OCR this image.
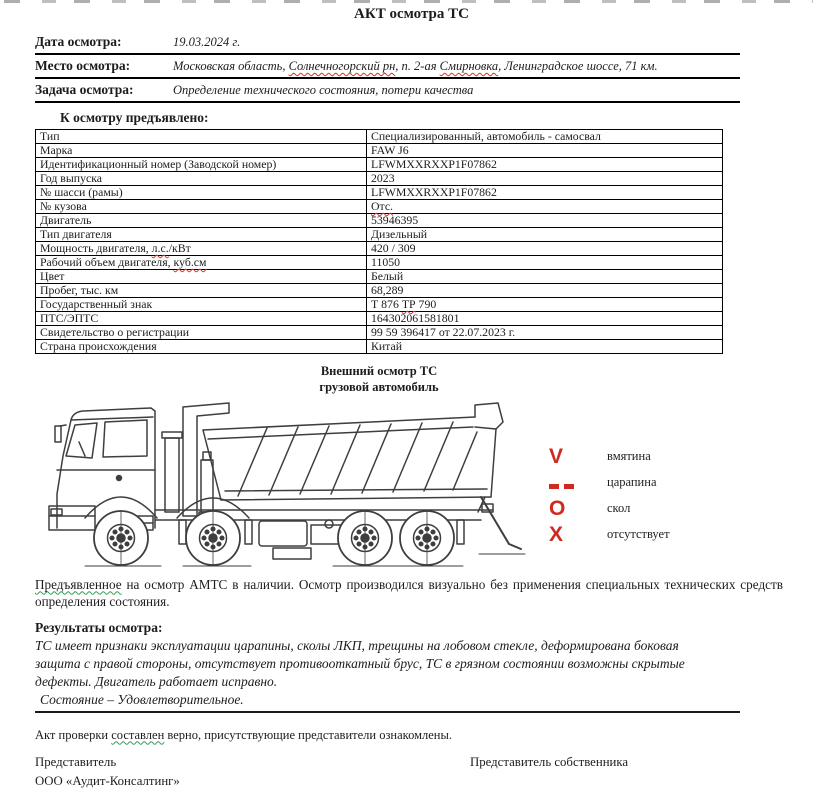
АКТ осмотра ТС
Дата осмотра:	19.03.2024 г.
Место осмотра:	Московская область, Солнечногорский рн, п. 2-ая Смирновка, Ленинградское шоссе, 71 км.
Задача осмотра:	Определение технического состояния, потери качества
К осмотру предъявлено:
Тип	Специализированный, автомобиль - самосвал
Марка	FAW J6
Идентификационный номер (Заводской номер)	LFWMXXRXXP1F07862
Год выпуска	2023
№ шасси (рамы)	LFWMXXRXXP1F07862
№ кузова	Отс.
Двигатель	53946395
Тип двигателя	Дизельный
Мощность двигателя, л.с./кВт	420 / 309
Рабочий объем двигателя, куб.см	11050
Цвет	Белый
Пробег, тыс. км	68,289
Государственный знак	Т 876 ТР 790
ПТС/ЭПТС	164302061581801
Свидетельство о регистрации	99 59 396417 от 22.07.2023 г.
Страна происхождения	Китай
Внешний осмотр ТС
грузовой автомобиль
V	вмятина
царапина
O	скол
X	отсутствует
Предъявленное на осмотр АМТС в наличии. Осмотр производился визуально без применения специальных технических средств определения состояния.
Результаты осмотра:
ТС имеет признаки эксплуатации царапины, сколы ЛКП, трещины на лобовом стекле, деформирована боковая защита с правой стороны, отсутствует противооткатный брус, ТС в грязном состоянии возможны скрытые дефекты. Двигатель работает исправно.
Состояние – Удовлетворительное.
Акт проверки составлен верно, присутствующие представители ознакомлены.
Представитель
ООО «Аудит-Консалтинг»
Представитель собственника
